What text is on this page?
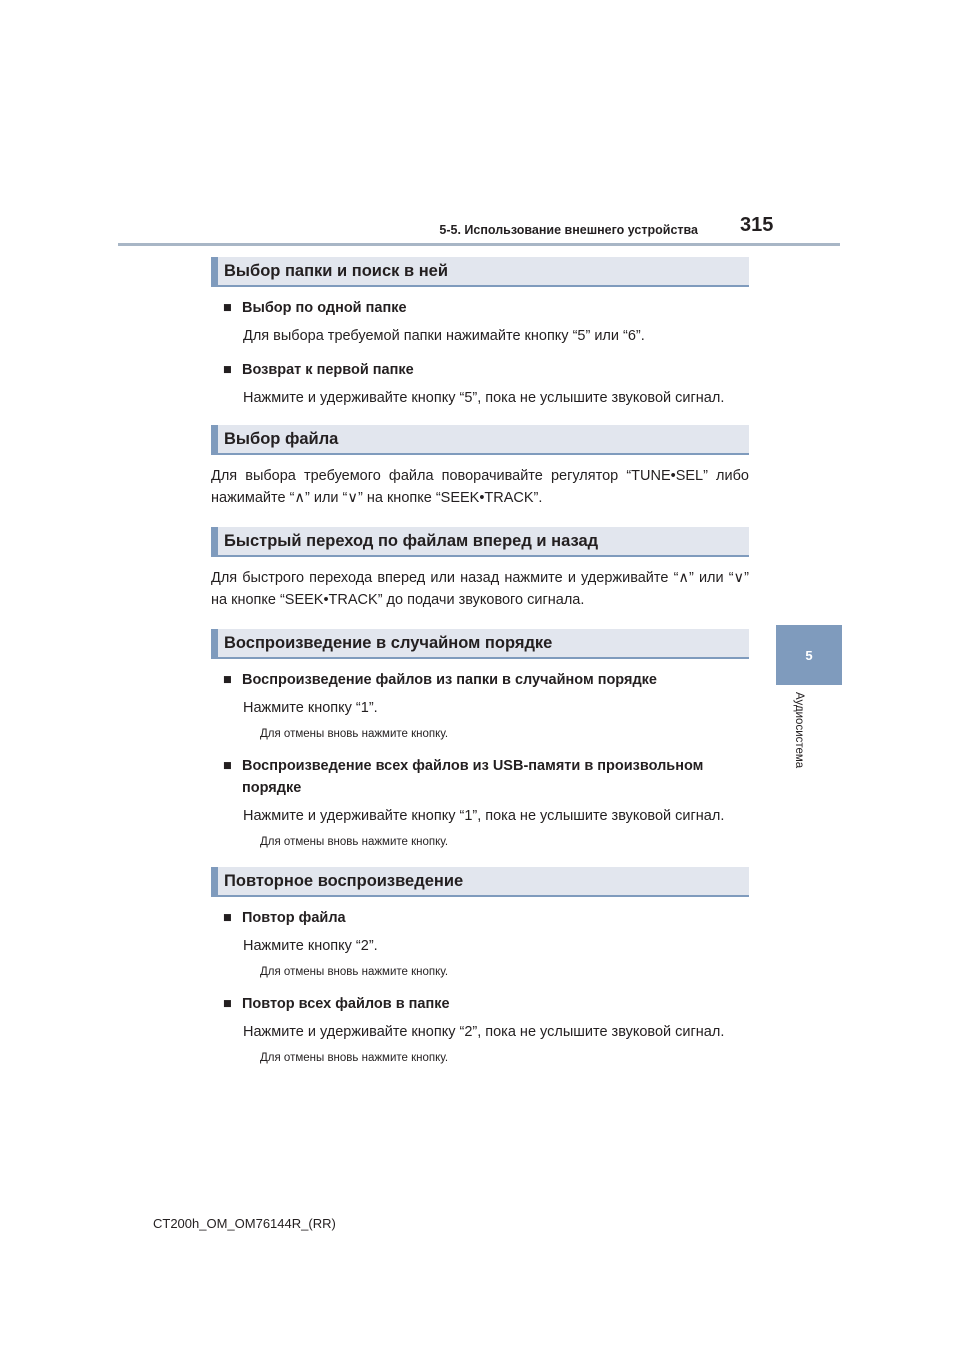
5-5. Использование внешнего устройства 315
5
Аудиосистема
Выбор папки и поиск в ней
■ Выбор по одной папке
Для выбора требуемой папки нажимайте кнопку “5” или “6”.
■ Возврат к первой папке
Нажмите и удерживайте кнопку “5”, пока не услышите звуковой сигнал.
Выбор файла
Для выбора требуемого файла поворачивайте регулятор “TUNE•SEL” либо нажимайте “∧” или “∨” на кнопке “SEEK•TRACK”.
Быстрый переход по файлам вперед и назад
Для быстрого перехода вперед или назад нажмите и удерживайте “∧” или “∨” на кнопке “SEEK•TRACK” до подачи звукового сигнала.
Воспроизведение в случайном порядке
■ Воспроизведение файлов из папки в случайном порядке
Нажмите кнопку “1”.
Для отмены вновь нажмите кнопку.
■ Воспроизведение всех файлов из USB-памяти в произвольном порядке
Нажмите и удерживайте кнопку “1”, пока не услышите звуковой сигнал.
Для отмены вновь нажмите кнопку.
Повторное воспроизведение
■ Повтор файла
Нажмите кнопку “2”.
Для отмены вновь нажмите кнопку.
■ Повтор всех файлов в папке
Нажмите и удерживайте кнопку “2”, пока не услышите звуковой сигнал.
Для отмены вновь нажмите кнопку.
CT200h_OM_OM76144R_(RR)
